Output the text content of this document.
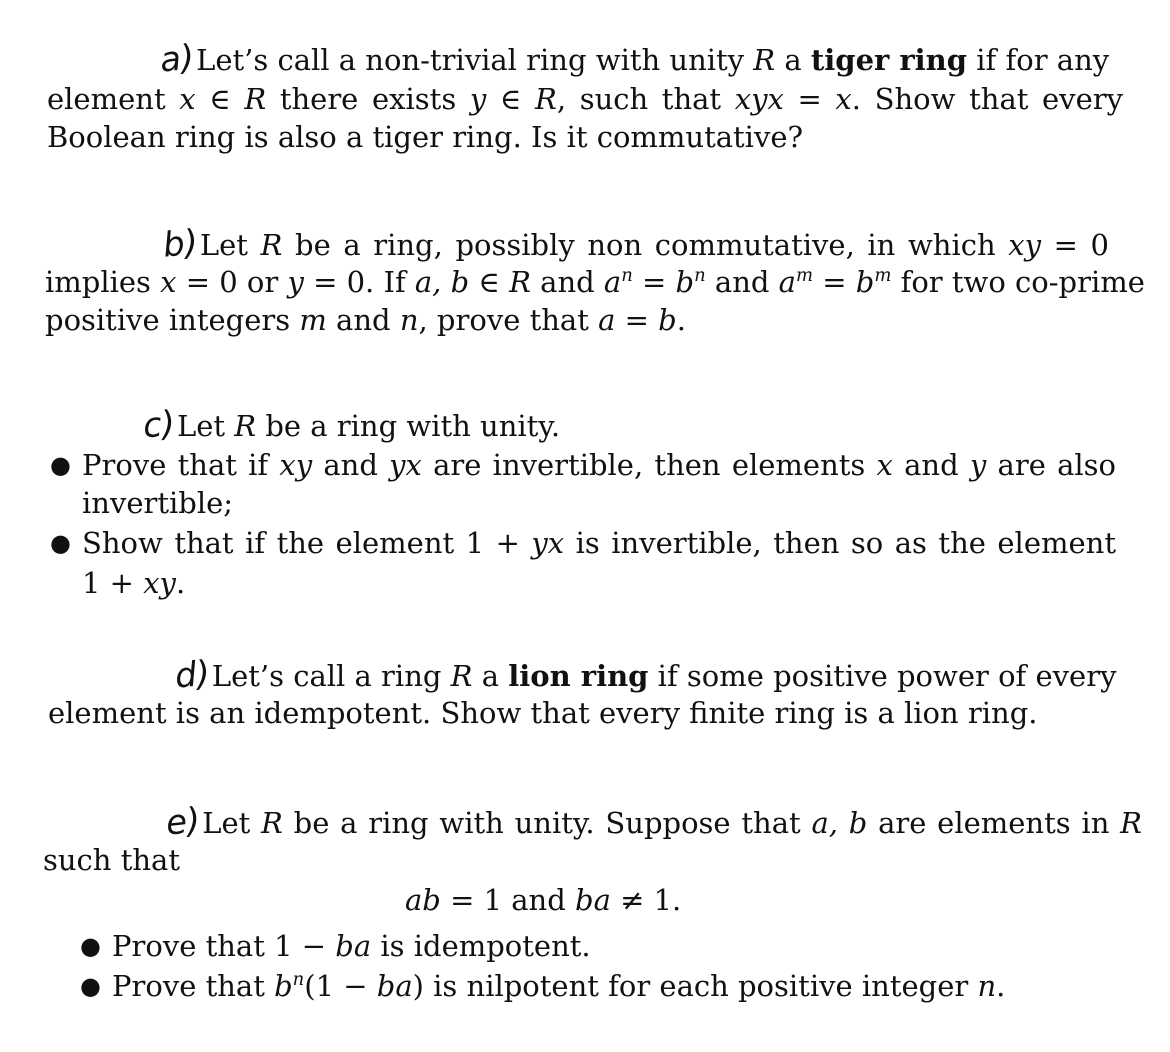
a)Let’s call a non-trivial ring with unity R a tiger ring if for any
element x ∈ R there exists y ∈ R, such that xyx = x. Show that every
Boolean ring is also a tiger ring. Is it commutative?
b)Let R be a ring, possibly non commutative, in which xy = 0
implies x = 0 or y = 0. If a, b ∈ R and $a^n = b^n$ and $a^m = b^m$ for two co-prime
positive integers m and n, prove that a = b.
c)Let R be a ring with unity.
● Prove that if xy and yx are invertible, then elements x and y are also
invertible;
● Show that if the element 1 + yx is invertible, then so as the element
1 + xy.
d)Let’s call a ring R a lion ring if some positive power of every
element is an idempotent. Show that every finite ring is a lion ring.
e)Let R be a ring with unity. Suppose that a, b are elements in R
such that
ab = 1 and ba ≠ 1.
● Prove that 1 − ba is idempotent.
● Prove that $b^n(1 - ba)$ is nilpotent for each positive integer n.
